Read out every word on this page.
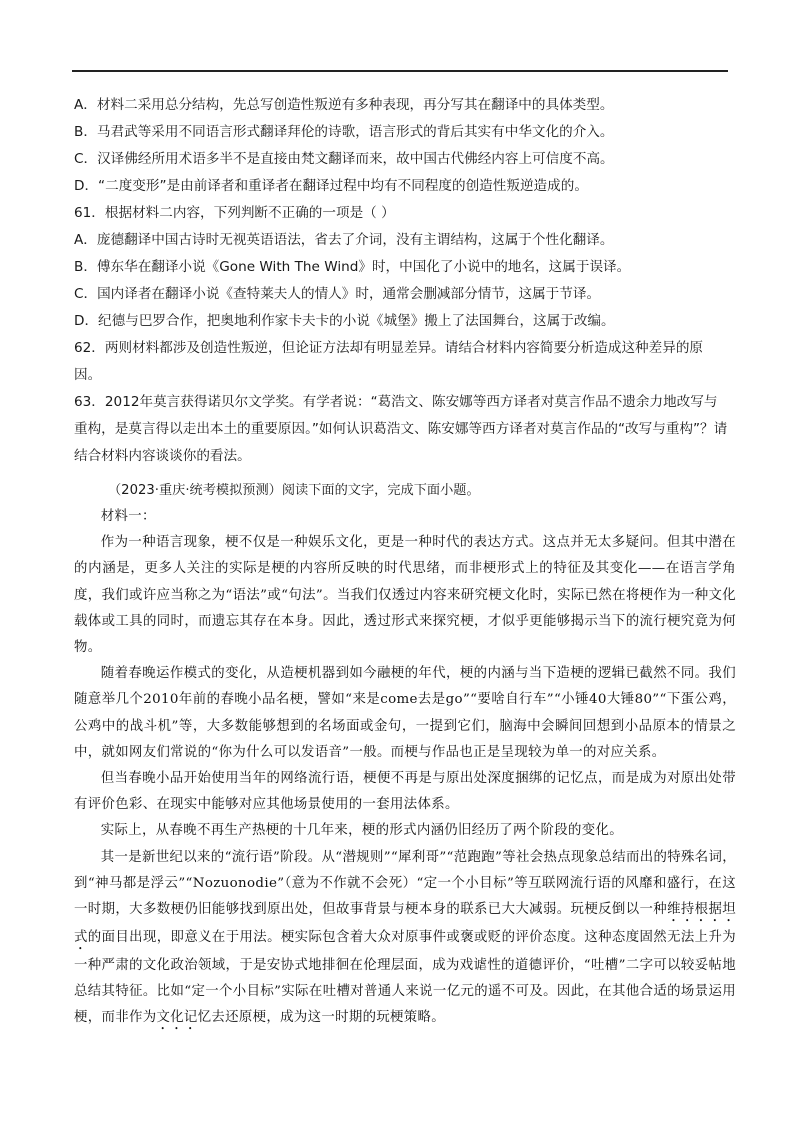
A．材料二采用总分结构，先总写创造性叛逆有多种表现，再分写其在翻译中的具体类型。

B．马君武等采用不同语言形式翻译拜伦的诗歌，语言形式的背后其实有中华文化的介入。

C．汉译佛经所用术语多半不是直接由梵文翻译而来，故中国古代佛经内容上可信度不高。

D．“二度变形”是由前译者和重译者在翻译过程中均有不同程度的创造性叛逆造成的。

61．根据材料二内容，下列判断不正确的一项是（ ）

A．庞德翻译中国古诗时无视英语语法，省去了介词，没有主谓结构，这属于个性化翻译。

B．傅东华在翻译小说《Gone With The Wind》时，中国化了小说中的地名，这属于误译。

C．国内译者在翻译小说《查特莱夫人的情人》时，通常会删减部分情节，这属于节译。

D．纪德与巴罗合作，把奥地利作家卡夫卡的小说《城堡》搬上了法国舞台，这属于改编。

62．两则材料都涉及创造性叛逆，但论证方法却有明显差异。请结合材料内容简要分析造成这种差异的原因。

63．2012年莫言获得诺贝尔文学奖。有学者说：“葛浩文、陈安娜等西方译者对莫言作品不遗余力地改写与重构，是莫言得以走出本土的重要原因。”如何认识葛浩文、陈安娜等西方译者对莫言作品的“改写与重构”？请结合材料内容谈谈你的看法。

（2023·重庆·统考模拟预测）阅读下面的文字，完成下面小题。

材料一：

作为一种语言现象，梗不仅是一种娱乐文化，更是一种时代的表达方式。这点并无太多疑问。但其中潜在的内涵是，更多人关注的实际是梗的内容所反映的时代思绪，而非梗形式上的特征及其变化——在语言学角度，我们或许应当称之为“语法”或“句法”。当我们仅透过内容来研究梗文化时，实际已然在将梗作为一种文化载体或工具的同时，而遗忘其存在本身。因此，透过形式来探究梗，才似乎更能够揭示当下的流行梗究竟为何物。

随着春晚运作模式的变化，从造梗机器到如今融梗的年代，梗的内涵与当下造梗的逻辑已截然不同。我们随意举几个2010年前的春晚小品名梗，譬如“来是come去是go”“要啥自行车”“小锤40大锤80”“下蛋公鸡，公鸡中的战斗机”等，大多数能够想到的名场面或金句，一提到它们，脑海中会瞬间回想到小品原本的情景之中，就如网友们常说的“你为什么可以发语音”一般。而梗与作品也正是呈现较为单一的对应关系。

但当春晚小品开始使用当年的网络流行语，梗便不再是与原出处深度捆绑的记忆点，而是成为对原出处带有评价色彩、在现实中能够对应其他场景使用的一套用法体系。

实际上，从春晚不再生产热梗的十几年来，梗的形式内涵仍旧经历了两个阶段的变化。

其一是新世纪以来的“流行语”阶段。从“潜规则”“犀利哥”“范跑跑”等社会热点现象总结而出的特殊名词，到“神马都是浮云”“Nozuonodie”（意为不作就不会死）“定一个小目标”等互联网流行语的风靡和盛行，在这一时期，大多数梗仍旧能够找到原出处，但故事背景与梗本身的联系已大大减弱。玩梗反倒以一种维持根据坦式的面目出现，即意义在于用法。梗实际包含着大众对原事件或褒或贬的评价态度。这种态度固然无法上升为一种严肃的文化政治领域，于是安协式地排徊在伦理层面，成为戏谑性的道德评价，“吐槽”二字可以较妥帖地总结其特征。比如“定一个小目标”实际在吐槽对普通人来说一亿元的遥不可及。因此，在其他合适的场景运用梗，而非作为文化记忆去还原梗，成为这一时期的玩梗策略。
